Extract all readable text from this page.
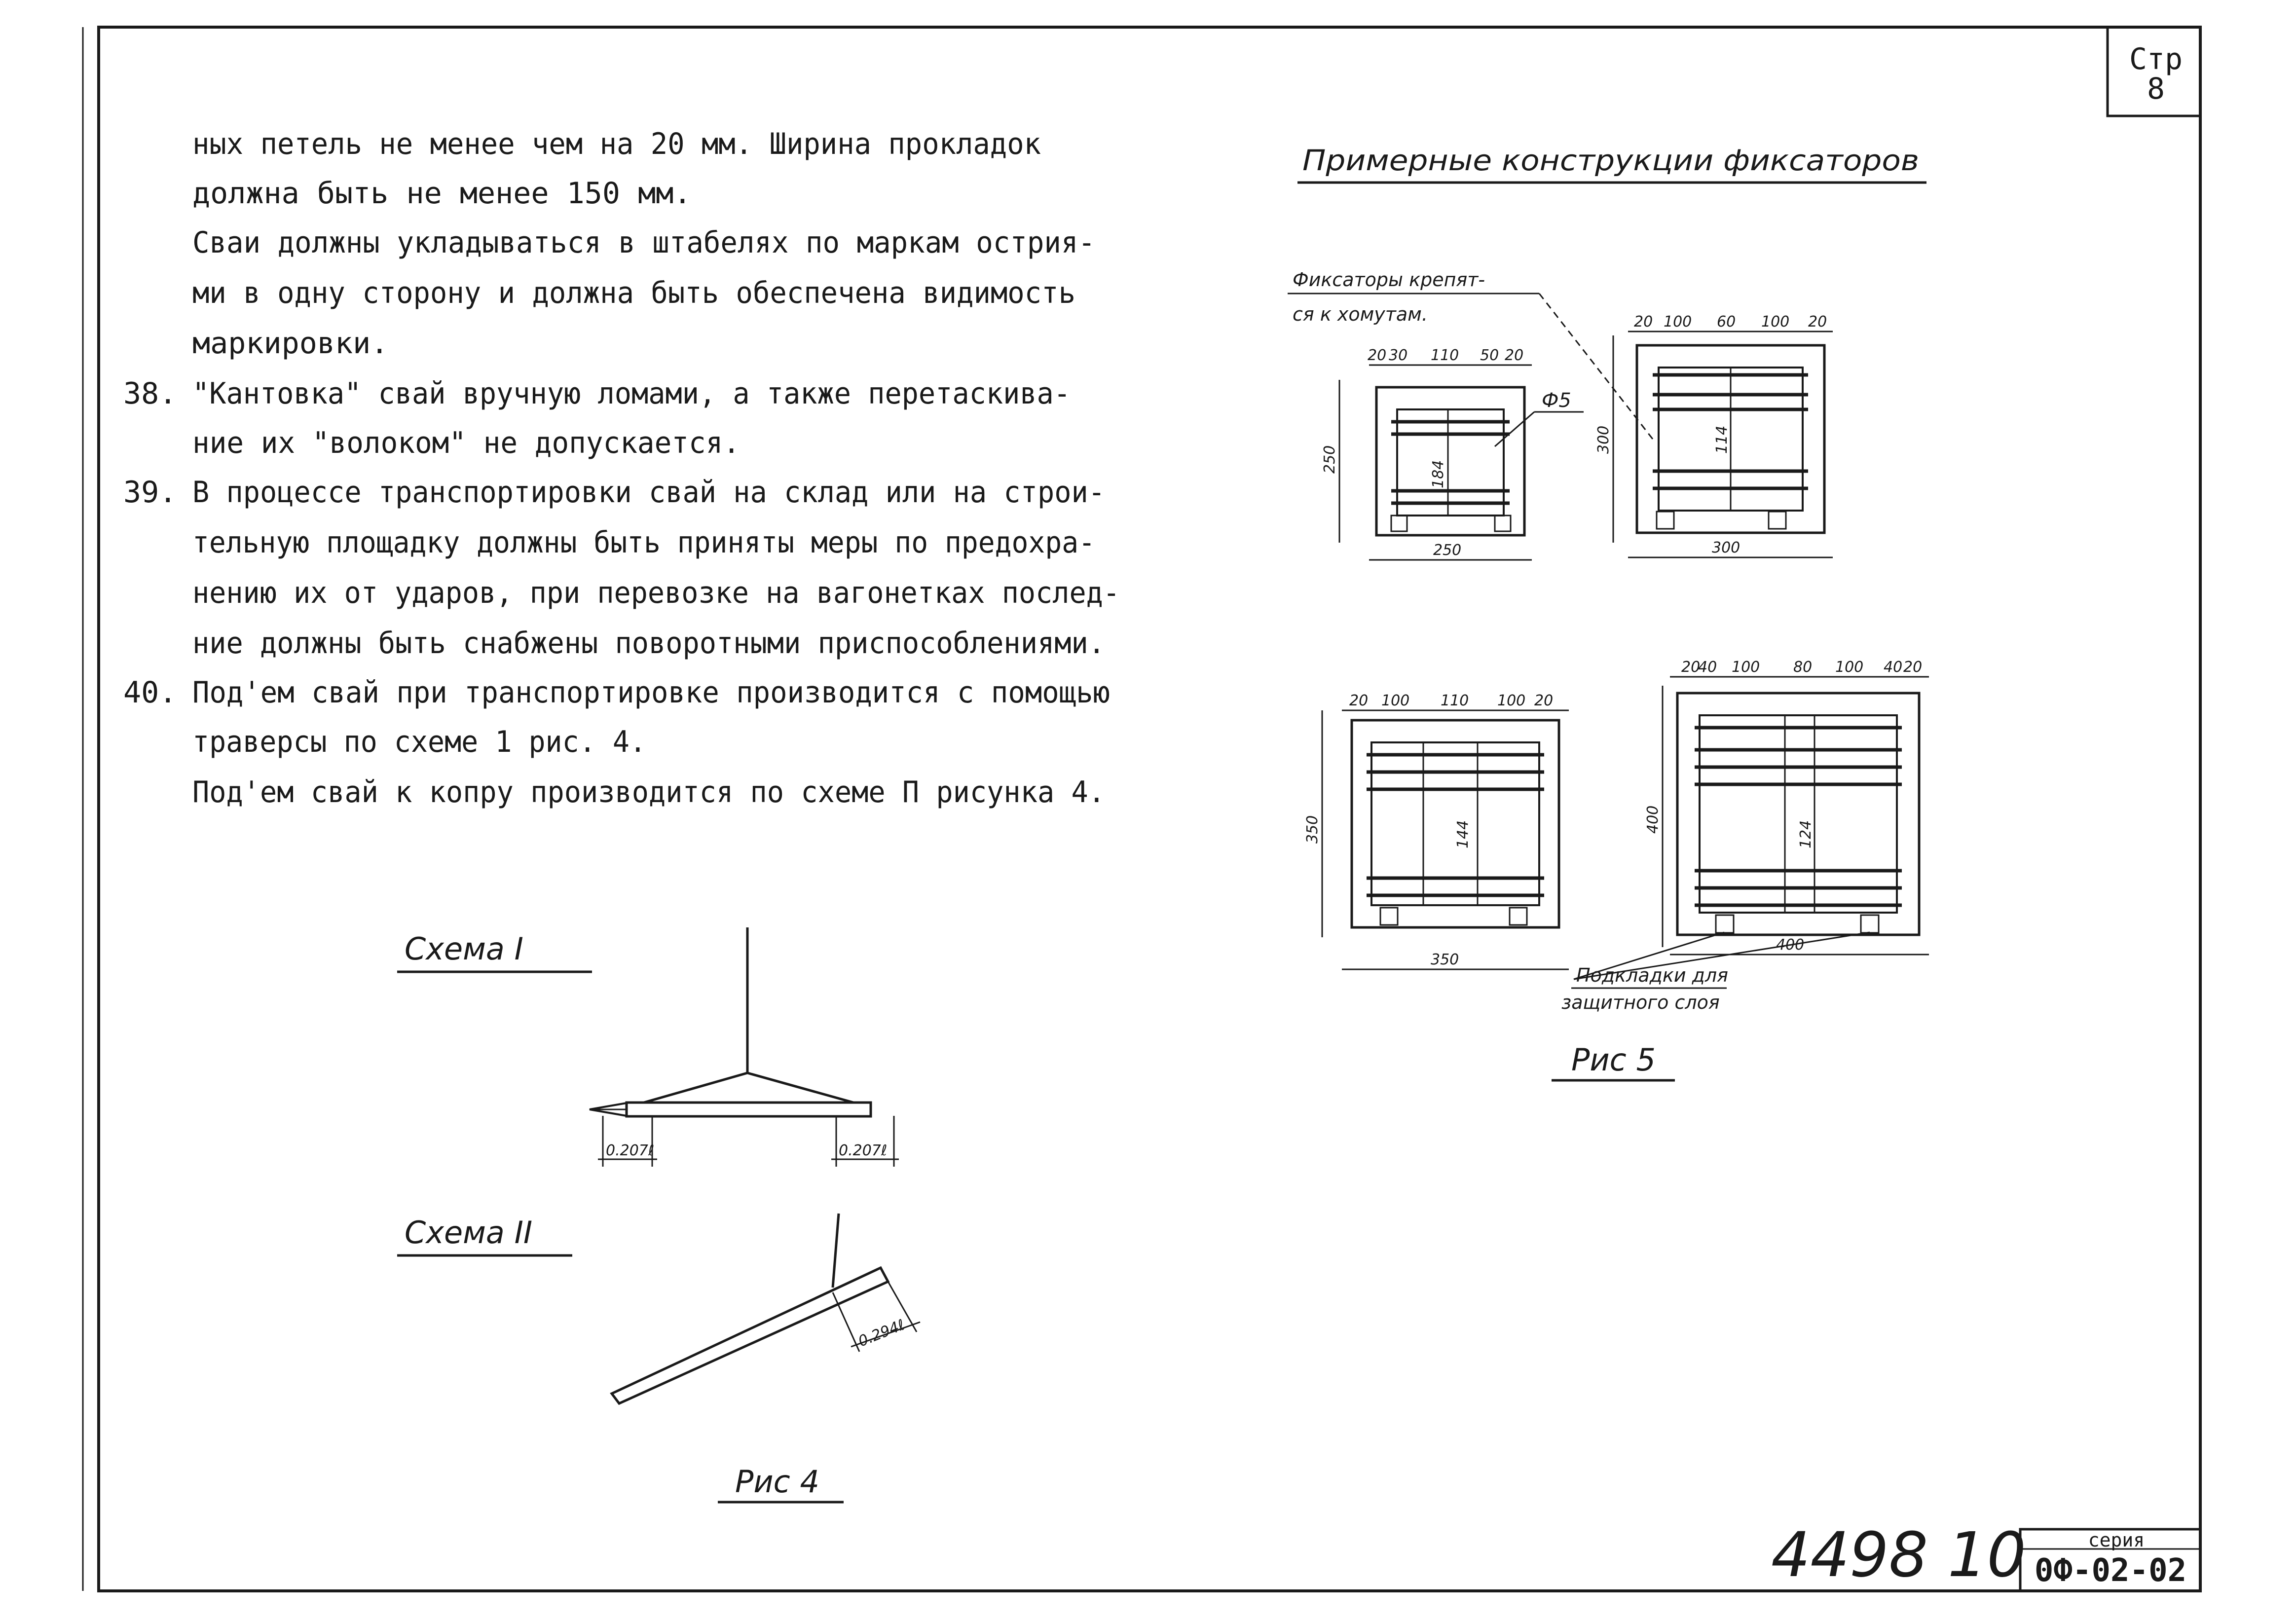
Стр
8
ных петель не менее чем на 20 мм. Ширина прокладок
должна быть не менее 150 мм.
Сваи должны укладываться в штабелях по маркам острия-
ми в одну сторону и должна быть обеспечена видимость
маркировки.
38. "Кантовка" свай вручную ломами, а также перетаскива-
ние их "волоком" не допускается.
39. В процессе транспортировки свай на склад или на строи-
тельную площадку должны быть приняты меры по предохра-
нению их от ударов, при перевозке на вагонетках послед-
ние должны быть снабжены поворотными приспособлениями.
40. Под'ем свай при транспортировке производится с помощью
траверсы по схеме 1 рис. 4.
Под'ем свай к копру производится по схеме П рисунка 4.
Схема I
0.207ℓ	0.207ℓ
Схема II
0.294ℓ
Рис 4
Примерные конструкции фиксаторов
Фиксаторы крепят-
ся к хомутам.
250
20 30 110 50 20
184
250
Ф5
300
20 100 60 100 20
114
300
350
20 100 110 100 20
144
350
400
20
40 100 80 100 40 20
124
400
Подкладки для
защитного слоя
Рис 5
4498 10	серия
0Ф-02-02
